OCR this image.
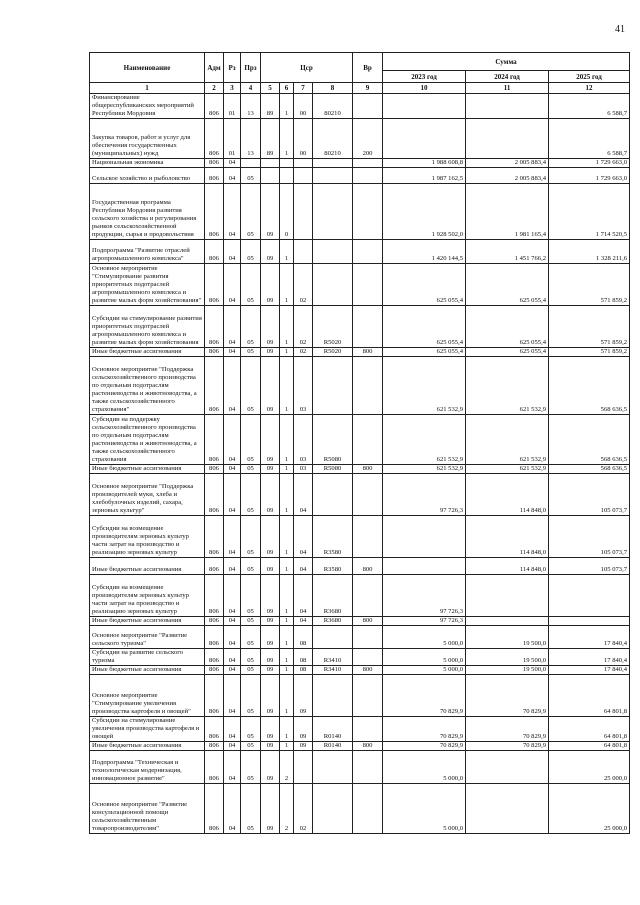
41
Наименование	Адм	Рз	Прз	Цср				Вр	Сумма		
									2023 год	2024 год	2025 год
1	2	3	4	5	6	7	8	9	10	11	12
Финансирование общереспубликанских мероприятий Республики Мордовия	806	01	13	89	1	00	80210				6 588,7
Закупка товаров, работ и услуг для обеспечения государственных (муниципальных) нужд	806	01	13	89	1	00	80210	200			6 588,7
Национальная экономика	806	04							1 988 608,8	2 005 883,4	1 729 663,0
Сельское хозяйство и рыболовство	806	04	05						1 987 162,5	2 005 883,4	1 729 663,0
Государственная программа Республики Мордовия развития сельского хозяйства и регулирования рынков сельскохозяйственной продукции, сырья и продовольствия	806	04	05	09	0				1 928 502,0	1 981 165,4	1 714 520,5
Подпрограмма "Развитие отраслей агропромышленного комплекса"	806	04	05	09	1				1 420 144,5	1 451 766,2	1 328 211,6
Основное мероприятие "Стимулирование развития приоритетных подотраслей агропромышленного комплекса и развитие малых форм хозяйствования"	806	04	05	09	1	02			625 055,4	625 055,4	571 859,2
Субсидии на стимулирование развития приоритетных подотраслей агропромышленного комплекса и развитие малых форм хозяйствования	806	04	05	09	1	02	R5020		625 055,4	625 055,4	571 859,2
Иные бюджетные ассигнования	806	04	05	09	1	02	R5020	800	625 055,4	625 055,4	571 859,2
Основное мероприятие "Поддержка сельскохозяйственного производства по отдельным подотраслям растениеводства и животноводства, а также сельскохозяйственного страхования"	806	04	05	09	1	03			621 532,9	621 532,9	568 636,5
Субсидии на поддержку сельскохозяйственного производства по отдельным подотраслям растениеводства и животноводства, а также сельскохозяйственного страхования	806	04	05	09	1	03	R5080		621 532,9	621 532,9	568 636,5
Иные бюджетные ассигнования	806	04	05	09	1	03	R5080	800	621 532,9	621 532,9	568 636,5
Основное мероприятие "Поддержка производителей муки, хлеба и хлебобулочных изделий, сахара, зерновых культур"	806	04	05	09	1	04			97 726,3	114 848,0	105 073,7
Субсидии на возмещение производителям зерновых культур части затрат на производство и реализацию зерновых культур	806	04	05	09	1	04	R3580			114 848,0	105 073,7
Иные бюджетные ассигнования	806	04	05	09	1	04	R3580	800		114 848,0	105 073,7
Субсидии на возмещение производителям зерновых культур части затрат на производство и реализацию зерновых культур	806	04	05	09	1	04	R3680		97 726,3		
Иные бюджетные ассигнования	806	04	05	09	1	04	R3680	800	97 726,3		
Основное мероприятие "Развитие сельского туризма"	806	04	05	09	1	08			5 000,0	19 500,0	17 840,4
Субсидии на развитие сельского туризма	806	04	05	09	1	08	R3410		5 000,0	19 500,0	17 840,4
Иные бюджетные ассигнования	806	04	05	09	1	08	R3410	800	5 000,0	19 500,0	17 840,4
Основное мероприятие "Стимулирование увеличения производства картофеля и овощей"	806	04	05	09	1	09			70 829,9	70 829,9	64 801,8
Субсидии на стимулирование увеличения производства картофеля и овощей	806	04	05	09	1	09	R0140		70 829,9	70 829,9	64 801,8
Иные бюджетные ассигнования	806	04	05	09	1	09	R0140	800	70 829,9	70 829,9	64 801,8
Подпрограмма "Техническая и технологическая модернизация, инновационное развитие"	806	04	05	09	2				5 000,0		25 000,0
Основное мероприятие "Развитие консультационной помощи сельскохозяйственным товаропроизводителям"	806	04	05	09	2	02			5 000,0		25 000,0
